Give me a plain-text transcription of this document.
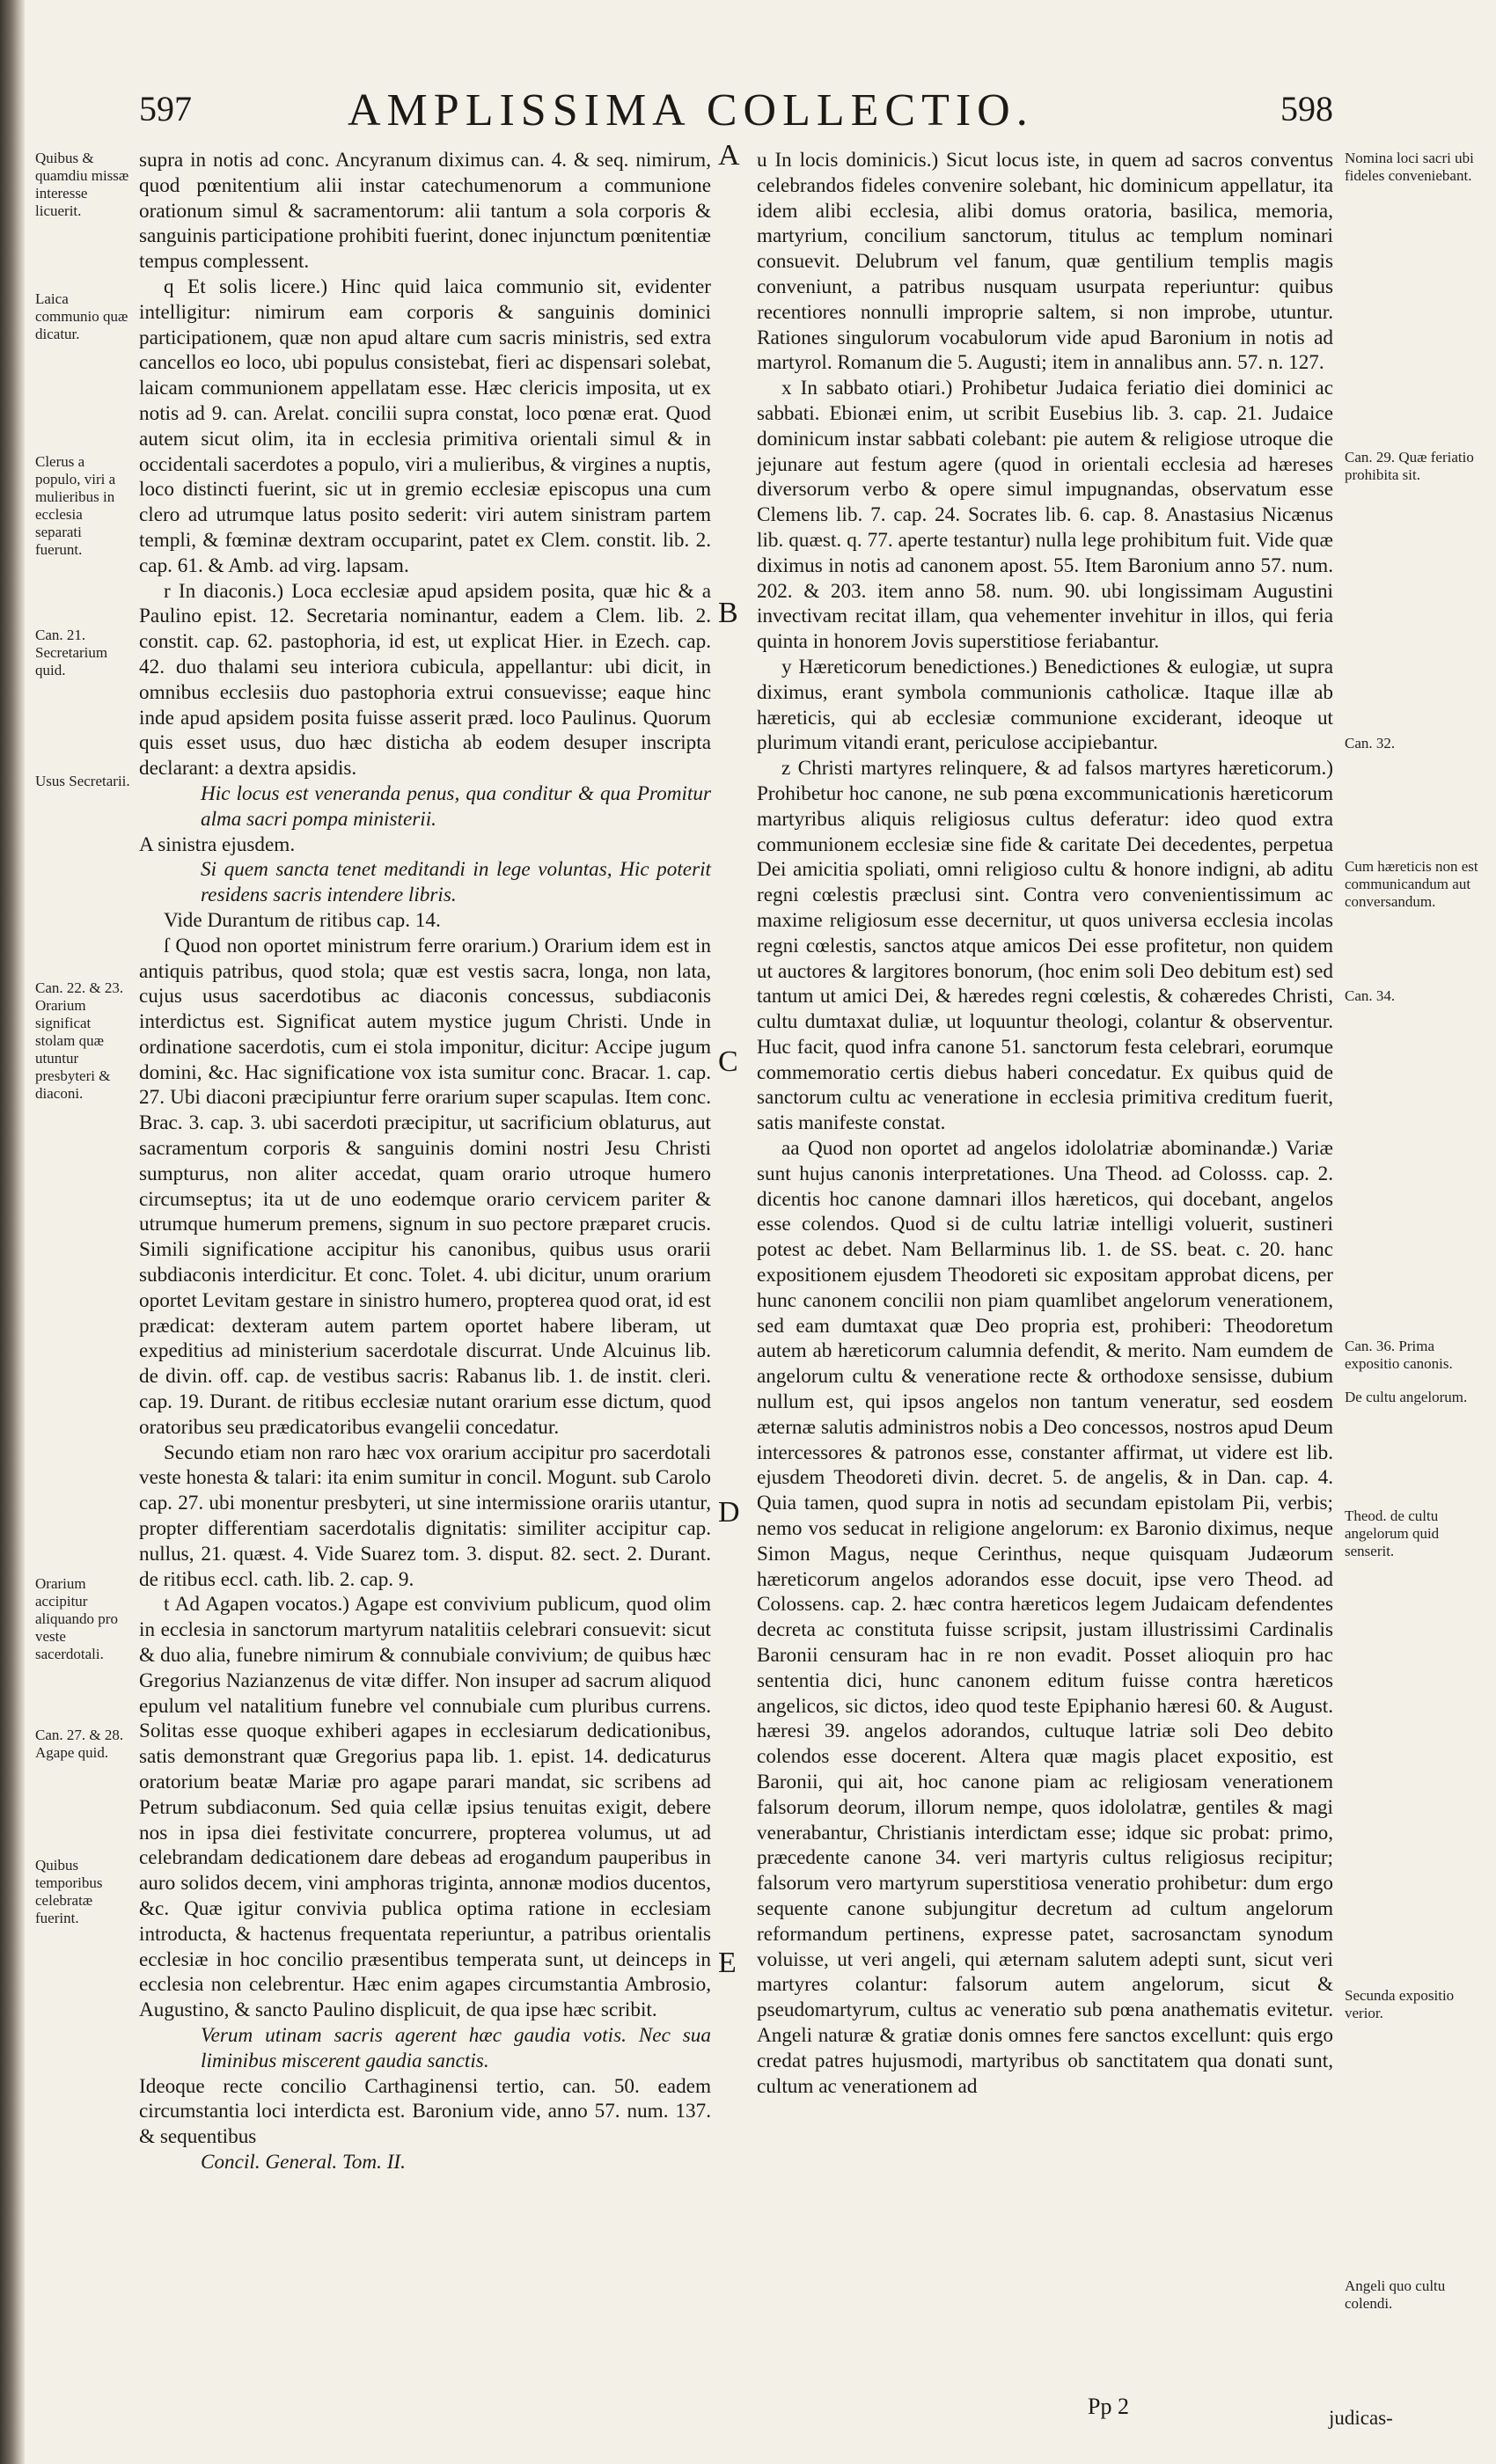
597	AMPLISSIMA COLLECTIO.	598
A
B
C
D
E

supra in notis ad conc. Ancyranum diximus can. 4. & seq. nimirum, quod pœnitentium alii instar catechumenorum a communione orationum simul & sacramentorum: alii tantum a sola corporis & sanguinis participatione prohibiti fuerint, donec injunctum pœnitentiæ tempus complessent.

q Et solis licere.) Hinc quid laica communio sit, evidenter intelligitur: nimirum eam corporis & sanguinis dominici participationem, quæ non apud altare cum sacris ministris, sed extra cancellos eo loco, ubi populus consistebat, fieri ac dispensari solebat, laicam communionem appellatam esse. Hæc clericis imposita, ut ex notis ad 9. can. Arelat. concilii supra constat, loco pœnæ erat. Quod autem sicut olim, ita in ecclesia primitiva orientali simul & in occidentali sacerdotes a populo, viri a mulieribus, & virgines a nuptis, loco distincti fuerint, sic ut in gremio ecclesiæ episcopus una cum clero ad utrumque latus posito sederit: viri autem sinistram partem templi, & fœminæ dextram occuparint, patet ex Clem. constit. lib. 2. cap. 61. & Amb. ad virg. lapsam.

r In diaconis.) Loca ecclesiæ apud apsidem posita, quæ hic & a Paulino epist. 12. Secretaria nominantur, eadem a Clem. lib. 2. constit. cap. 62. pastophoria, id est, ut explicat Hier. in Ezech. cap. 42. duo thalami seu interiora cubicula, appellantur: ubi dicit, in omnibus ecclesiis duo pastophoria extrui consuevisse; eaque hinc inde apud apsidem posita fuisse asserit præd. loco Paulinus. Quorum quis esset usus, duo hæc disticha ab eodem desuper inscripta declarant: a dextra apsidis.

Hic locus est veneranda penus, qua conditur & qua Promitur alma sacri pompa ministerii.

A sinistra ejusdem.

Si quem sancta tenet meditandi in lege voluntas, Hic poterit residens sacris intendere libris.

Vide Durantum de ritibus cap. 14.

ſ Quod non oportet ministrum ferre orarium.) Orarium idem est in antiquis patribus, quod stola; quæ est vestis sacra, longa, non lata, cujus usus sacerdotibus ac diaconis concessus, subdiaconis interdictus est. Significat autem mystice jugum Christi. Unde in ordinatione sacerdotis, cum ei stola imponitur, dicitur: Accipe jugum domini, &c. Hac significatione vox ista sumitur conc. Bracar. 1. cap. 27. Ubi diaconi præcipiuntur ferre orarium super scapulas. Item conc. Brac. 3. cap. 3. ubi sacerdoti præcipitur, ut sacrificium oblaturus, aut sacramentum corporis & sanguinis domini nostri Jesu Christi sumpturus, non aliter accedat, quam orario utroque humero circumseptus; ita ut de uno eodemque orario cervicem pariter & utrumque humerum premens, signum in suo pectore præparet crucis. Simili significatione accipitur his canonibus, quibus usus orarii subdiaconis interdicitur. Et conc. Tolet. 4. ubi dicitur, unum orarium oportet Levitam gestare in sinistro humero, propterea quod orat, id est prædicat: dexteram autem partem oportet habere liberam, ut expeditius ad ministerium sacerdotale discurrat. Unde Alcuinus lib. de divin. off. cap. de vestibus sacris: Rabanus lib. 1. de instit. cleri. cap. 19. Durant. de ritibus ecclesiæ nutant orarium esse dictum, quod oratoribus seu prædicatoribus evangelii concedatur.

Secundo etiam non raro hæc vox orarium accipitur pro sacerdotali veste honesta & talari: ita enim sumitur in concil. Mogunt. sub Carolo cap. 27. ubi monentur presbyteri, ut sine intermissione orariis utantur, propter differentiam sacerdotalis dignitatis: similiter accipitur cap. nullus, 21. quæst. 4. Vide Suarez tom. 3. disput. 82. sect. 2. Durant. de ritibus eccl. cath. lib. 2. cap. 9.

t Ad Agapen vocatos.) Agape est convivium publicum, quod olim in ecclesia in sanctorum martyrum natalitiis celebrari consuevit: sicut & duo alia, funebre nimirum & connubiale convivium; de quibus hæc Gregorius Nazianzenus de vitæ differ. Non insuper ad sacrum aliquod epulum vel natalitium funebre vel connubiale cum pluribus currens. Solitas esse quoque exhiberi agapes in ecclesiarum dedicationibus, satis demonstrant quæ Gregorius papa lib. 1. epist. 14. dedicaturus oratorium beatæ Mariæ pro agape parari mandat, sic scribens ad Petrum subdiaconum. Sed quia cellæ ipsius tenuitas exigit, debere nos in ipsa diei festivitate concurrere, propterea volumus, ut ad celebrandam dedicationem dare debeas ad erogandum pauperibus in auro solidos decem, vini amphoras triginta, annonæ modios ducentos, &c. Quæ igitur convivia publica optima ratione in ecclesiam introducta, & hactenus frequentata reperiuntur, a patribus orientalis ecclesiæ in hoc concilio præsentibus temperata sunt, ut deinceps in ecclesia non celebrentur. Hæc enim agapes circumstantia Ambrosio, Augustino, & sancto Paulino displicuit, de qua ipse hæc scribit.

Verum utinam sacris agerent hæc gaudia votis. Nec sua liminibus miscerent gaudia sanctis.

Ideoque recte concilio Carthaginensi tertio, can. 50. eadem circumstantia loci interdicta est. Baronium vide, anno 57. num. 137. & sequentibus

Concil. General. Tom. II.

u In locis dominicis.) Sicut locus iste, in quem ad sacros conventus celebrandos fideles convenire solebant, hic dominicum appellatur, ita idem alibi ecclesia, alibi domus oratoria, basilica, memoria, martyrium, concilium sanctorum, titulus ac templum nominari consuevit. Delubrum vel fanum, quæ gentilium templis magis conveniunt, a patribus nusquam usurpata reperiuntur: quibus recentiores nonnulli improprie saltem, si non improbe, utuntur. Rationes singulorum vocabulorum vide apud Baronium in notis ad martyrol. Romanum die 5. Augusti; item in annalibus ann. 57. n. 127.

x In sabbato otiari.) Prohibetur Judaica feriatio diei dominici ac sabbati. Ebionæi enim, ut scribit Eusebius lib. 3. cap. 21. Judaice dominicum instar sabbati colebant: pie autem & religiose utroque die jejunare aut festum agere (quod in orientali ecclesia ad hæreses diversorum verbo & opere simul impugnandas, observatum esse Clemens lib. 7. cap. 24. Socrates lib. 6. cap. 8. Anastasius Nicænus lib. quæst. q. 77. aperte testantur) nulla lege prohibitum fuit. Vide quæ diximus in notis ad canonem apost. 55. Item Baronium anno 57. num. 202. & 203. item anno 58. num. 90. ubi longissimam Augustini invectivam recitat illam, qua vehementer invehitur in illos, qui feria quinta in honorem Jovis superstitiose feriabantur.

y Hæreticorum benedictiones.) Benedictiones & eulogiæ, ut supra diximus, erant symbola communionis catholicæ. Itaque illæ ab hæreticis, qui ab ecclesiæ communione exciderant, ideoque ut plurimum vitandi erant, periculose accipiebantur.

z Christi martyres relinquere, & ad falsos martyres hæreticorum.) Prohibetur hoc canone, ne sub pœna excommunicationis hæreticorum martyribus aliquis religiosus cultus deferatur: ideo quod extra communionem ecclesiæ sine fide & caritate Dei decedentes, perpetua Dei amicitia spoliati, omni religioso cultu & honore indigni, ab aditu regni cœlestis præclusi sint. Contra vero convenientissimum ac maxime religiosum esse decernitur, ut quos universa ecclesia incolas regni cœlestis, sanctos atque amicos Dei esse profitetur, non quidem ut auctores & largitores bonorum, (hoc enim soli Deo debitum est) sed tantum ut amici Dei, & hæredes regni cœlestis, & cohæredes Christi, cultu dumtaxat duliæ, ut loquuntur theologi, colantur & observentur. Huc facit, quod infra canone 51. sanctorum festa celebrari, eorumque commemoratio certis diebus haberi concedatur. Ex quibus quid de sanctorum cultu ac veneratione in ecclesia primitiva creditum fuerit, satis manifeste constat.

aa Quod non oportet ad angelos idololatriæ abominandæ.) Variæ sunt hujus canonis interpretationes. Una Theod. ad Colosss. cap. 2. dicentis hoc canone damnari illos hæreticos, qui docebant, angelos esse colendos. Quod si de cultu latriæ intelligi voluerit, sustineri potest ac debet. Nam Bellarminus lib. 1. de SS. beat. c. 20. hanc expositionem ejusdem Theodoreti sic expositam approbat dicens, per hunc canonem concilii non piam quamlibet angelorum venerationem, sed eam dumtaxat quæ Deo propria est, prohiberi: Theodoretum autem ab hæreticorum calumnia defendit, & merito. Nam eumdem de angelorum cultu & veneratione recte & orthodoxe sensisse, dubium nullum est, qui ipsos angelos non tantum veneratur, sed eosdem æternæ salutis administros nobis a Deo concessos, nostros apud Deum intercessores & patronos esse, constanter affirmat, ut videre est lib. ejusdem Theodoreti divin. decret. 5. de angelis, & in Dan. cap. 4. Quia tamen, quod supra in notis ad secundam epistolam Pii, verbis; nemo vos seducat in religione angelorum: ex Baronio diximus, neque Simon Magus, neque Cerinthus, neque quisquam Judæorum hæreticorum angelos adorandos esse docuit, ipse vero Theod. ad Colossens. cap. 2. hæc contra hæreticos legem Judaicam defendentes decreta ac constituta fuisse scripsit, justam illustrissimi Cardinalis Baronii censuram hac in re non evadit. Posset alioquin pro hac sententia dici, hunc canonem editum fuisse contra hæreticos angelicos, sic dictos, ideo quod teste Epiphanio hæresi 60. & August. hæresi 39. angelos adorandos, cultuque latriæ soli Deo debito colendos esse docerent. Altera quæ magis placet expositio, est Baronii, qui ait, hoc canone piam ac religiosam venerationem falsorum deorum, illorum nempe, quos idololatræ, gentiles & magi venerabantur, Christianis interdictam esse; idque sic probat: primo, præcedente canone 34. veri martyris cultus religiosus recipitur; falsorum vero martyrum superstitiosa veneratio prohibetur: dum ergo sequente canone subjungitur decretum ad cultum angelorum reformandum pertinens, expresse patet, sacrosanctam synodum voluisse, ut veri angeli, qui æternam salutem adepti sunt, sicut veri martyres colantur: falsorum autem angelorum, sicut & pseudomartyrum, cultus ac veneratio sub pœna anathematis evitetur. Angeli naturæ & gratiæ donis omnes fere sanctos excellunt: quis ergo credat patres hujusmodi, martyribus ob sanctitatem qua donati sunt, cultum ac venerationem ad

Quibus & quamdiu missæ interesse licuerit.
Laica communio quæ dicatur.
Clerus a populo, viri a mulieribus in ecclesia separati fuerunt.
Can. 21. Secretarium quid.
Usus Secretarii.
Can. 22. & 23. Orarium significat stolam quæ utuntur presbyteri & diaconi.
Orarium accipitur aliquando pro veste sacerdotali.
Can. 27. & 28. Agape quid.
Quibus temporibus celebratæ fuerint.
Nomina loci sacri ubi fideles conveniebant.
Can. 29. Quæ feriatio prohibita sit.
Can. 32.
Cum hæreticis non est communicandum aut conversandum.
Can. 34.
Can. 36. Prima expositio canonis.
De cultu angelorum.
Theod. de cultu angelorum quid senserit.
Secunda expositio verior.
Angeli quo cultu colendi.
Pp 2	judicas-
